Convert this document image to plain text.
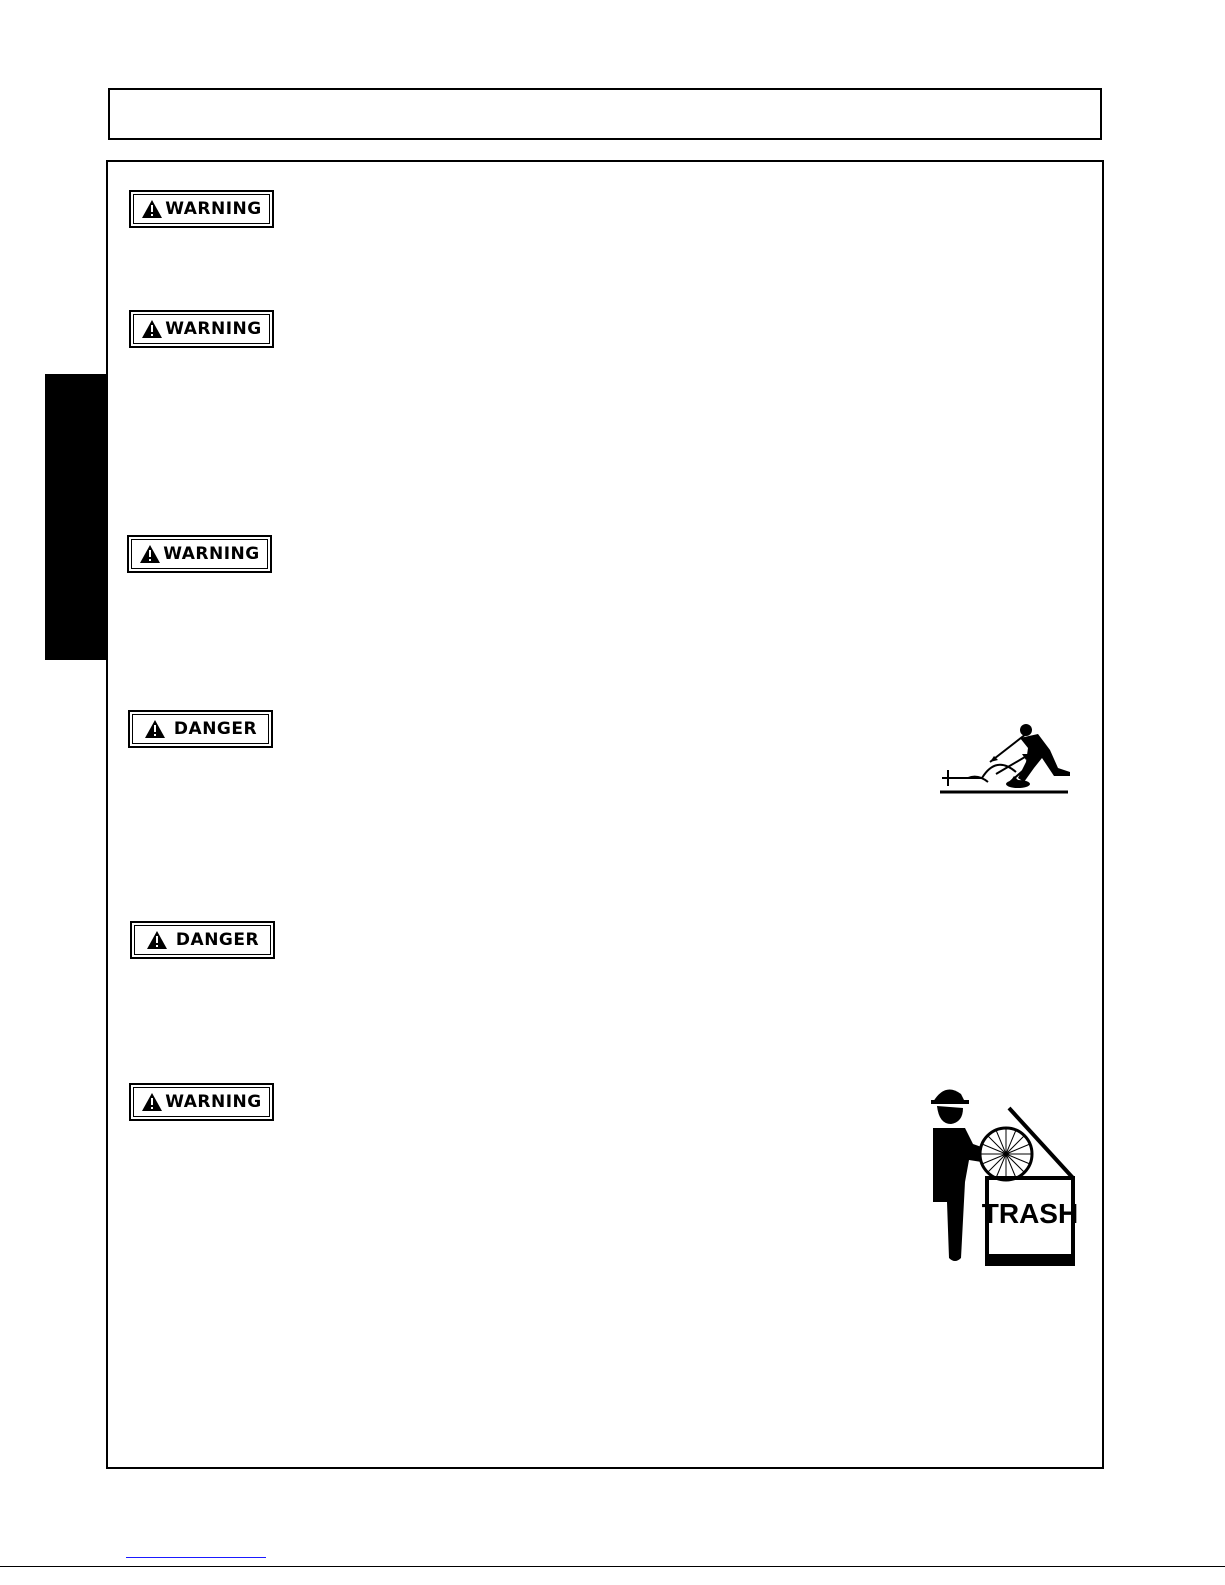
WARNING
WARNING
WARNING
DANGER
DANGER
WARNING
TRASH
